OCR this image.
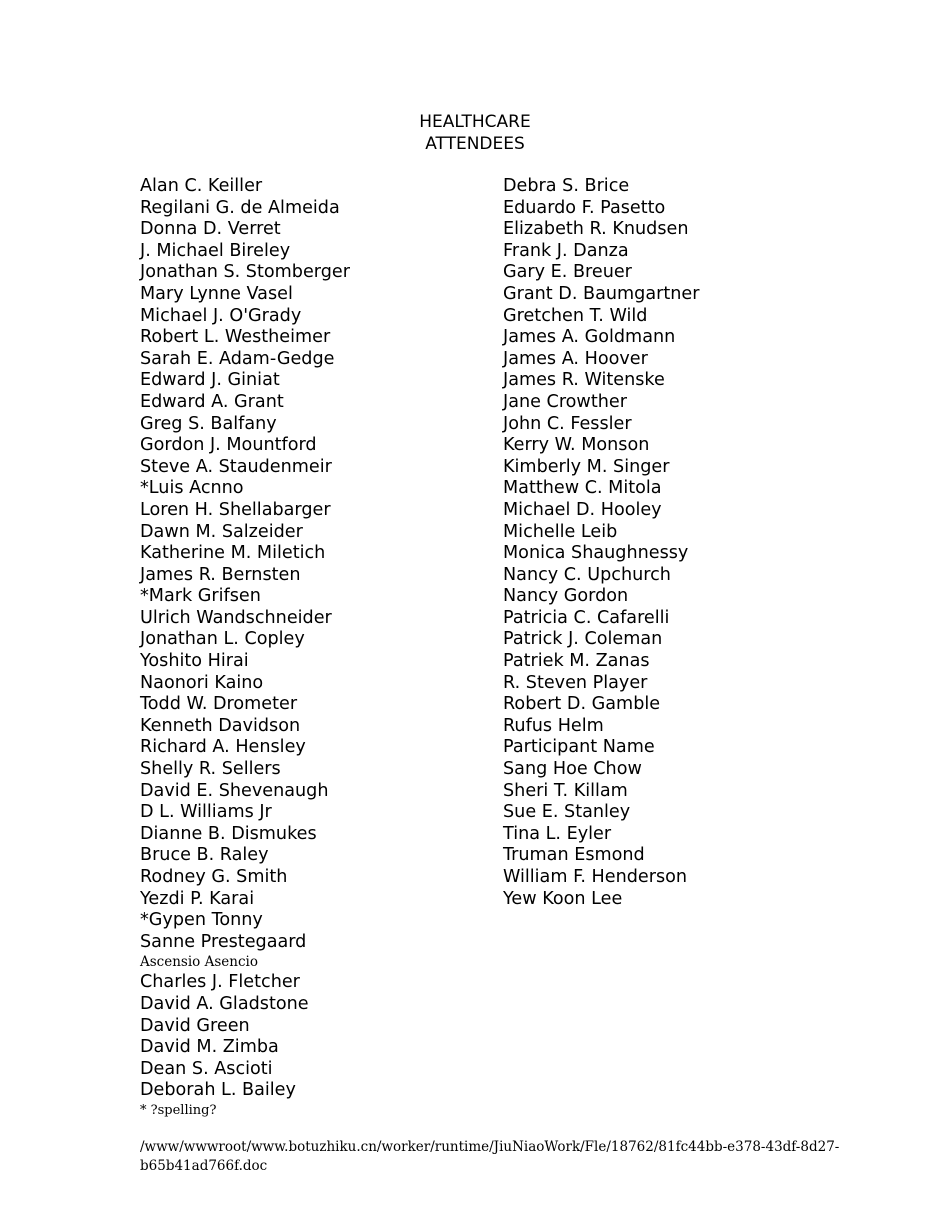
HEALTHCARE
ATTENDEES
Alan C. Keiller
Regilani G. de Almeida
Donna D. Verret
J. Michael Bireley
Jonathan S. Stomberger
Mary Lynne Vasel
Michael J. O'Grady
Robert L. Westheimer
Sarah E. Adam-Gedge
Edward J. Giniat
Edward A. Grant
Greg S. Balfany
Gordon J. Mountford
Steve A. Staudenmeir
*Luis Acnno
Loren H. Shellabarger
Dawn M. Salzeider
Katherine M. Miletich
James R. Bernsten
*Mark Grifsen
Ulrich Wandschneider
Jonathan L. Copley
Yoshito Hirai
Naonori Kaino
Todd W. Drometer
Kenneth Davidson
Richard A. Hensley
Shelly R. Sellers
David E. Shevenaugh
D L. Williams Jr
Dianne B. Dismukes
Bruce B. Raley
Rodney G. Smith
Yezdi P. Karai
*Gypen Tonny
Sanne Prestegaard
Ascensio Asencio
Charles J. Fletcher
David A. Gladstone
David Green
David M. Zimba
Dean S. Ascioti
Deborah L. Bailey
Debra S. Brice
Eduardo F. Pasetto
Elizabeth R. Knudsen
Frank J. Danza
Gary E. Breuer
Grant D. Baumgartner
Gretchen T. Wild
James A. Goldmann
James A. Hoover
James R. Witenske
Jane Crowther
John C. Fessler
Kerry W. Monson
Kimberly M. Singer
Matthew C. Mitola
Michael D. Hooley
Michelle Leib
Monica Shaughnessy
Nancy C. Upchurch
Nancy Gordon
Patricia C. Cafarelli
Patrick J. Coleman
Patriek M. Zanas
R. Steven Player
Robert D. Gamble
Rufus Helm
Participant Name
Sang Hoe Chow
Sheri T. Killam
Sue E. Stanley
Tina L. Eyler
Truman Esmond
William F. Henderson
Yew Koon Lee
* ?spelling?
/www/wwwroot/www.botuzhiku.cn/worker/runtime/JiuNiaoWork/Fle/18762/81fc44bb-e378-43df-8d27-b65b41ad766f.doc
